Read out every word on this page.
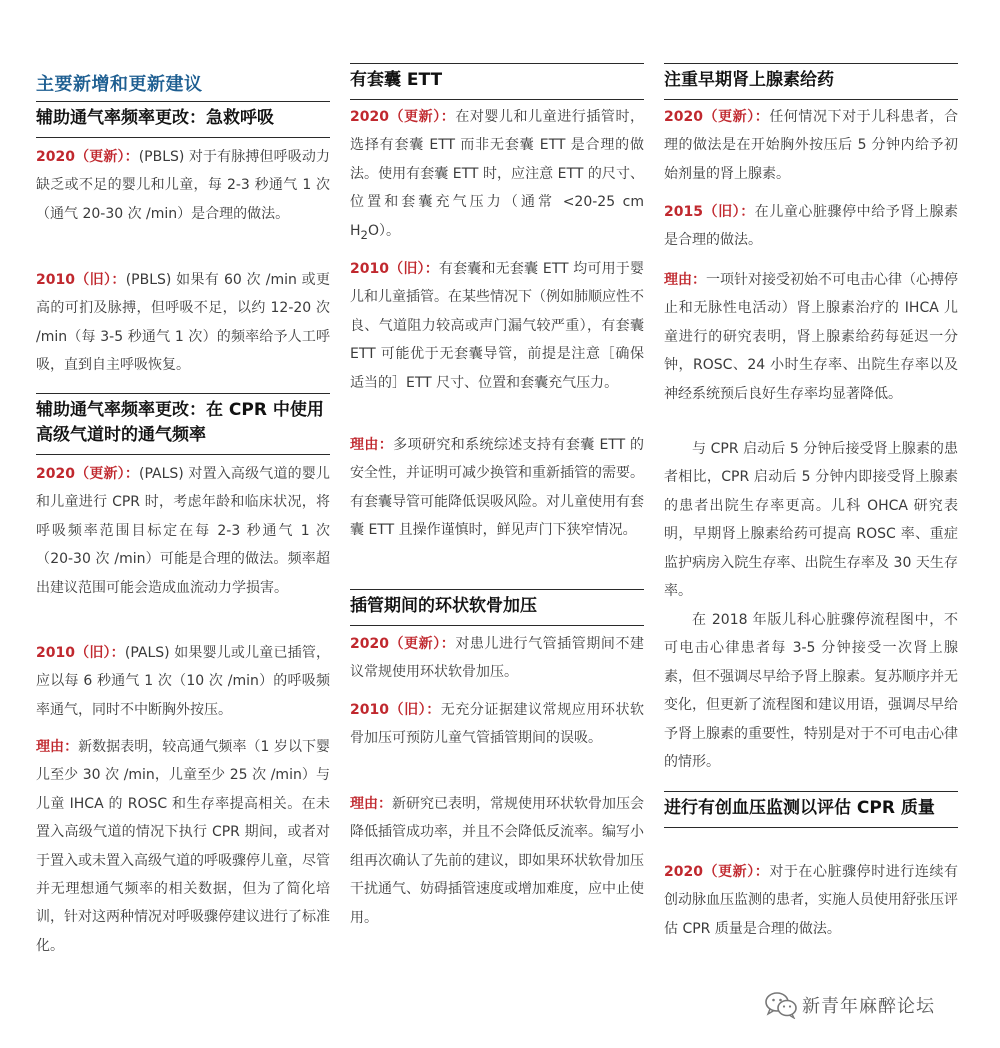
主要新增和更新建议
辅助通气率频率更改：急救呼吸
2020（更新）：(PBLS) 对于有脉搏但呼吸动力缺乏或不足的婴儿和儿童，每 2-3 秒通气 1 次（通气 20-30 次 /min）是合理的做法。
2010（旧）：(PBLS) 如果有 60 次 /min 或更高的可扪及脉搏，但呼吸不足，以约 12-20 次 /min（每 3-5 秒通气 1 次）的频率给予人工呼吸，直到自主呼吸恢复。
辅助通气率频率更改：在 CPR 中使用高级气道时的通气频率
2020（更新）：(PALS) 对置入高级气道的婴儿和儿童进行 CPR 时，考虑年龄和临床状况，将呼吸频率范围目标定在每 2-3 秒通气 1 次（20-30 次 /min）可能是合理的做法。频率超出建议范围可能会造成血流动力学损害。
2010（旧）：(PALS) 如果婴儿或儿童已插管，应以每 6 秒通气 1 次（10 次 /min）的呼吸频率通气，同时不中断胸外按压。
理由：新数据表明，较高通气频率（1 岁以下婴儿至少 30 次 /min，儿童至少 25 次 /min）与儿童 IHCA 的 ROSC 和生存率提高相关。在未置入高级气道的情况下执行 CPR 期间，或者对于置入或未置入高级气道的呼吸骤停儿童，尽管并无理想通气频率的相关数据，但为了简化培训，针对这两种情况对呼吸骤停建议进行了标准化。
有套囊 ETT
2020（更新）：在对婴儿和儿童进行插管时，选择有套囊 ETT 而非无套囊 ETT 是合理的做法。使用有套囊 ETT 时，应注意 ETT 的尺寸、位置和套囊充气压力（通常 <20-25 cm $H_2O$）。
2010（旧）：有套囊和无套囊 ETT 均可用于婴儿和儿童插管。在某些情况下（例如肺顺应性不良、气道阻力较高或声门漏气较严重），有套囊 ETT 可能优于无套囊导管，前提是注意［确保适当的］ETT 尺寸、位置和套囊充气压力。
理由：多项研究和系统综述支持有套囊 ETT 的安全性，并证明可减少换管和重新插管的需要。有套囊导管可能降低误吸风险。对儿童使用有套囊 ETT 且操作谨慎时，鲜见声门下狭窄情况。
插管期间的环状软骨加压
2020（更新）：对患儿进行气管插管期间不建议常规使用环状软骨加压。
2010（旧）：无充分证据建议常规应用环状软骨加压可预防儿童气管插管期间的误吸。
理由：新研究已表明，常规使用环状软骨加压会降低插管成功率，并且不会降低反流率。编写小组再次确认了先前的建议，即如果环状软骨加压干扰通气、妨碍插管速度或增加难度，应中止使用。
注重早期肾上腺素给药
2020（更新）：任何情况下对于儿科患者，合理的做法是在开始胸外按压后 5 分钟内给予初始剂量的肾上腺素。
2015（旧）：在儿童心脏骤停中给予肾上腺素是合理的做法。
理由：一项针对接受初始不可电击心律（心搏停止和无脉性电活动）肾上腺素治疗的 IHCA 儿童进行的研究表明，肾上腺素给药每延迟一分钟，ROSC、24 小时生存率、出院生存率以及神经系统预后良好生存率均显著降低。
与 CPR 启动后 5 分钟后接受肾上腺素的患者相比，CPR 启动后 5 分钟内即接受肾上腺素的患者出院生存率更高。儿科 OHCA 研究表明，早期肾上腺素给药可提高 ROSC 率、重症监护病房入院生存率、出院生存率及 30 天生存率。
在 2018 年版儿科心脏骤停流程图中，不可电击心律患者每 3-5 分钟接受一次肾上腺素，但不强调尽早给予肾上腺素。复苏顺序并无变化，但更新了流程图和建议用语，强调尽早给予肾上腺素的重要性，特别是对于不可电击心律的情形。
进行有创血压监测以评估 CPR 质量
2020（更新）：对于在心脏骤停时进行连续有创动脉血压监测的患者，实施人员使用舒张压评估 CPR 质量是合理的做法。
新青年麻醉论坛
